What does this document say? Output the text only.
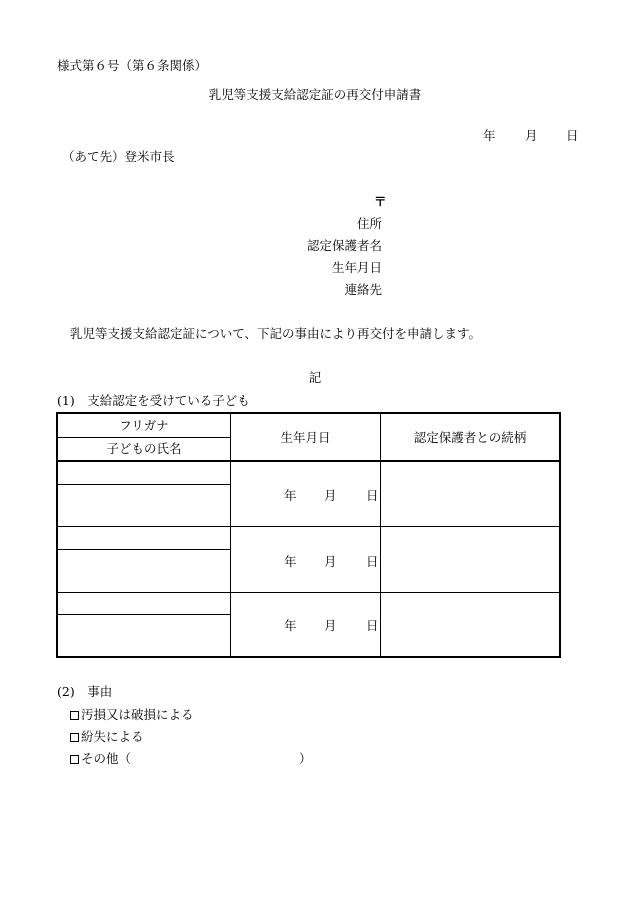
様式第６号（第６条関係）
乳児等支援支給認定証の再交付申請書
年 月 日
（あて先）登米市長
〒
住所
認定保護者名
生年月日
連絡先
乳児等支援支給認定証について、下記の事由により再交付を申請します。
記
(1)　支給認定を受けている子ども
フリガナ
子どもの氏名
生年月日	認定保護者との続柄
年 月 日
年 月 日
年 月 日
(2)　事由
汚損又は破損による
紛失による
その他（	）
